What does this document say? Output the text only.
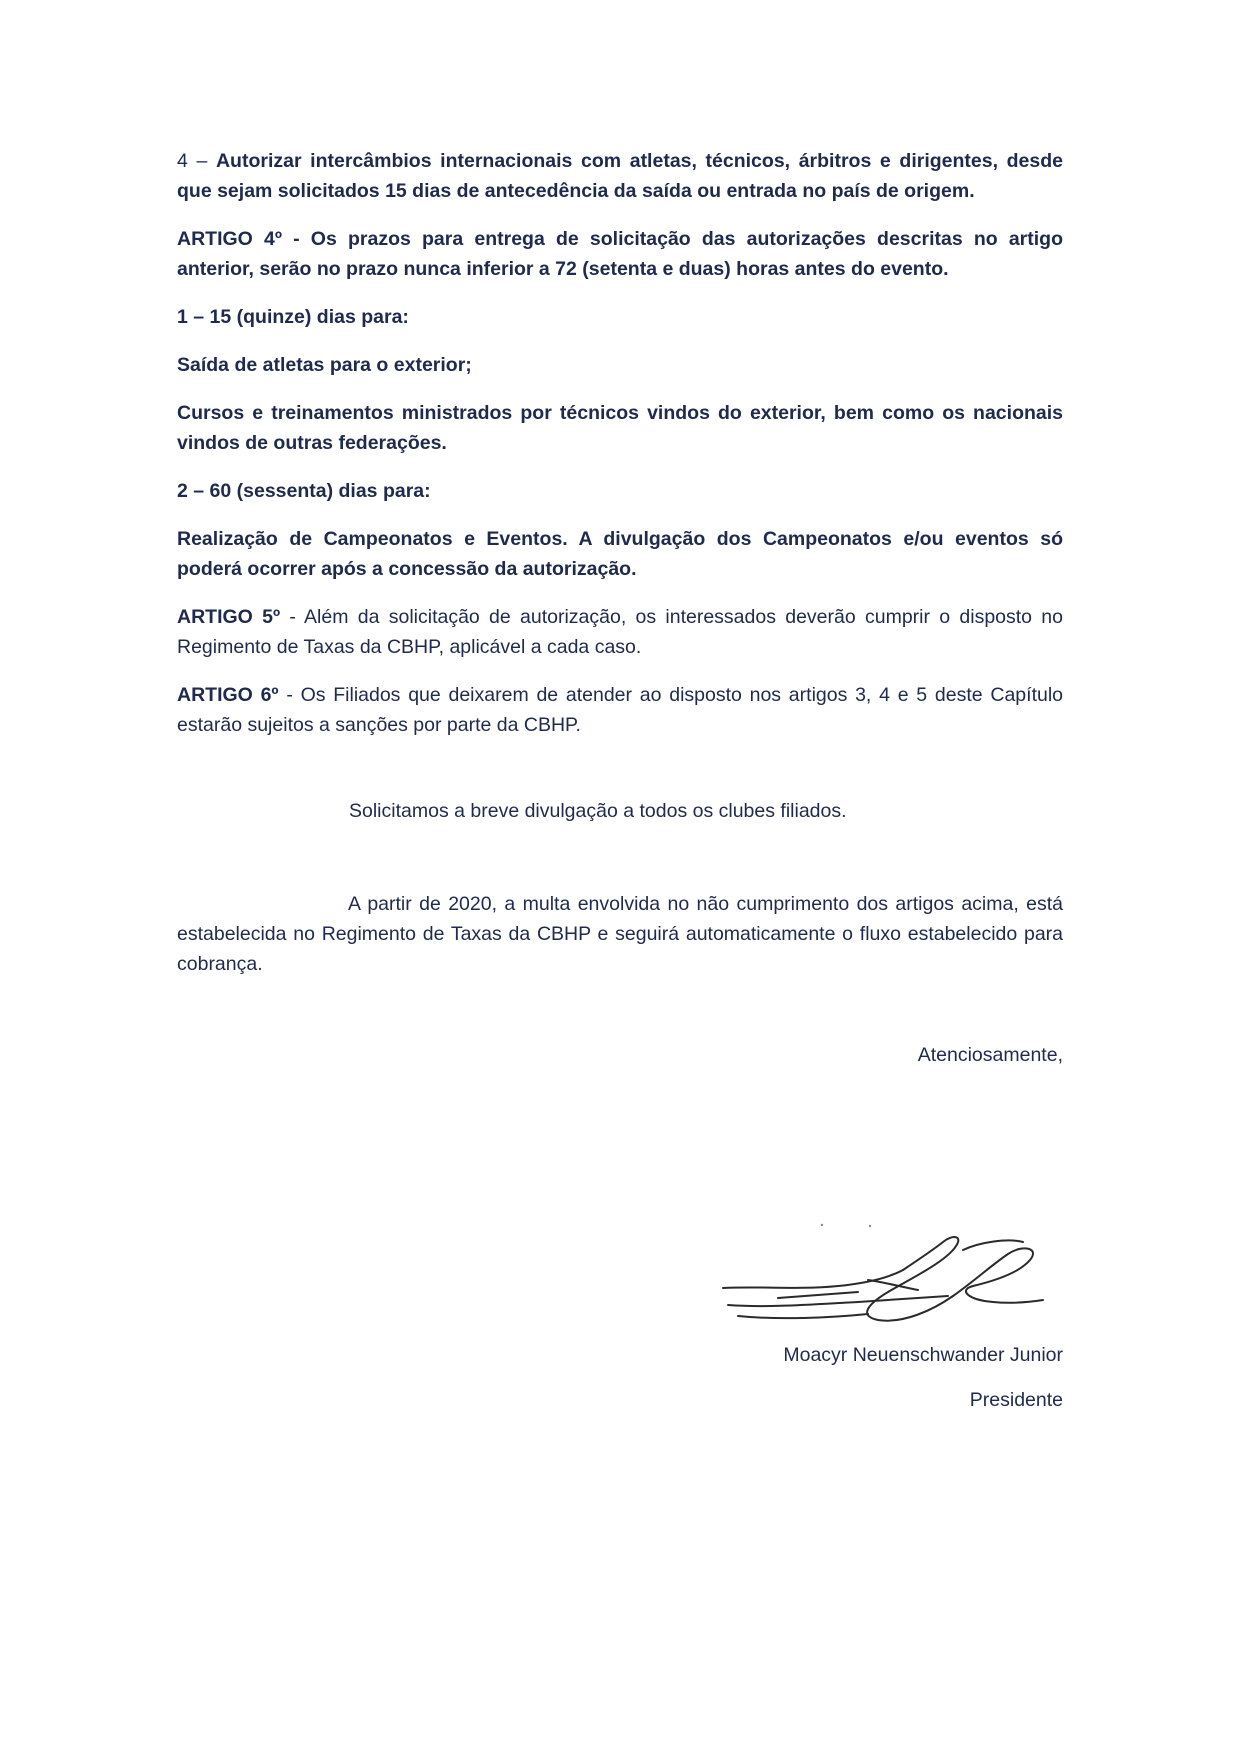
4 – Autorizar intercâmbios internacionais com atletas, técnicos, árbitros e dirigentes, desde que sejam solicitados 15 dias de antecedência da saída ou entrada no país de origem.

ARTIGO 4º - Os prazos para entrega de solicitação das autorizações descritas no artigo anterior, serão no prazo nunca inferior a 72 (setenta e duas) horas antes do evento.

1 – 15 (quinze) dias para:

Saída de atletas para o exterior;

Cursos e treinamentos ministrados por técnicos vindos do exterior, bem como os nacionais vindos de outras federações.

2 – 60 (sessenta) dias para:

Realização de Campeonatos e Eventos. A divulgação dos Campeonatos e/ou eventos só poderá ocorrer após a concessão da autorização.

ARTIGO 5º - Além da solicitação de autorização, os interessados deverão cumprir o disposto no Regimento de Taxas da CBHP, aplicável a cada caso.

ARTIGO 6º - Os Filiados que deixarem de atender ao disposto nos artigos 3, 4 e 5 deste Capítulo estarão sujeitos a sanções por parte da CBHP.

Solicitamos a breve divulgação a todos os clubes filiados.
A partir de 2020, a multa envolvida no não cumprimento dos artigos acima, está estabelecida no Regimento de Taxas da CBHP e seguirá automaticamente o fluxo estabelecido para cobrança.
Atenciosamente,
Moacyr Neuenschwander Junior
Presidente
